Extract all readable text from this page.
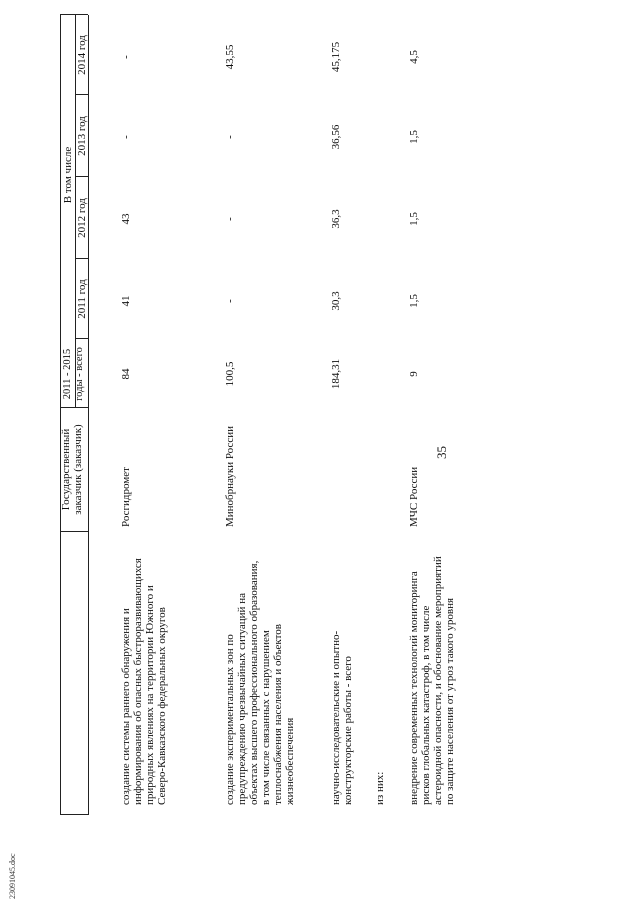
23091045.doc
35
Государственный заказчик (заказчик)
2011 - 2015 годы - всего
В том числе
2011 год
2012 год
2013 год
2014 год
создание системы раннего обнаружения и информирования об опасных быстроразвивающихся природных явлениях на территории Южного и Северо-Кавказского федеральных округов
Росгидромет
84
41
43
-
-
создание экспериментальных зон по предупреждению чрезвычайных ситуаций на объектах высшего профессионального образования, в том числе связанных с нарушением теплоснабжения населения и объектов жизнеобеспечения
Минобрнауки России
100,5
-
-
-
43,55
научно-исследовательские и опытно-конструкторские работы - всего
184,31
30,3
36,3
36,56
45,175
из них: внедрение современных технологий мониторинга рисков глобальных катастроф, в том числе астероидной опасности, и обоснование мероприятий по защите населения от угроз такого уровня
МЧС России
9
1,5
1,5
1,5
4,5
